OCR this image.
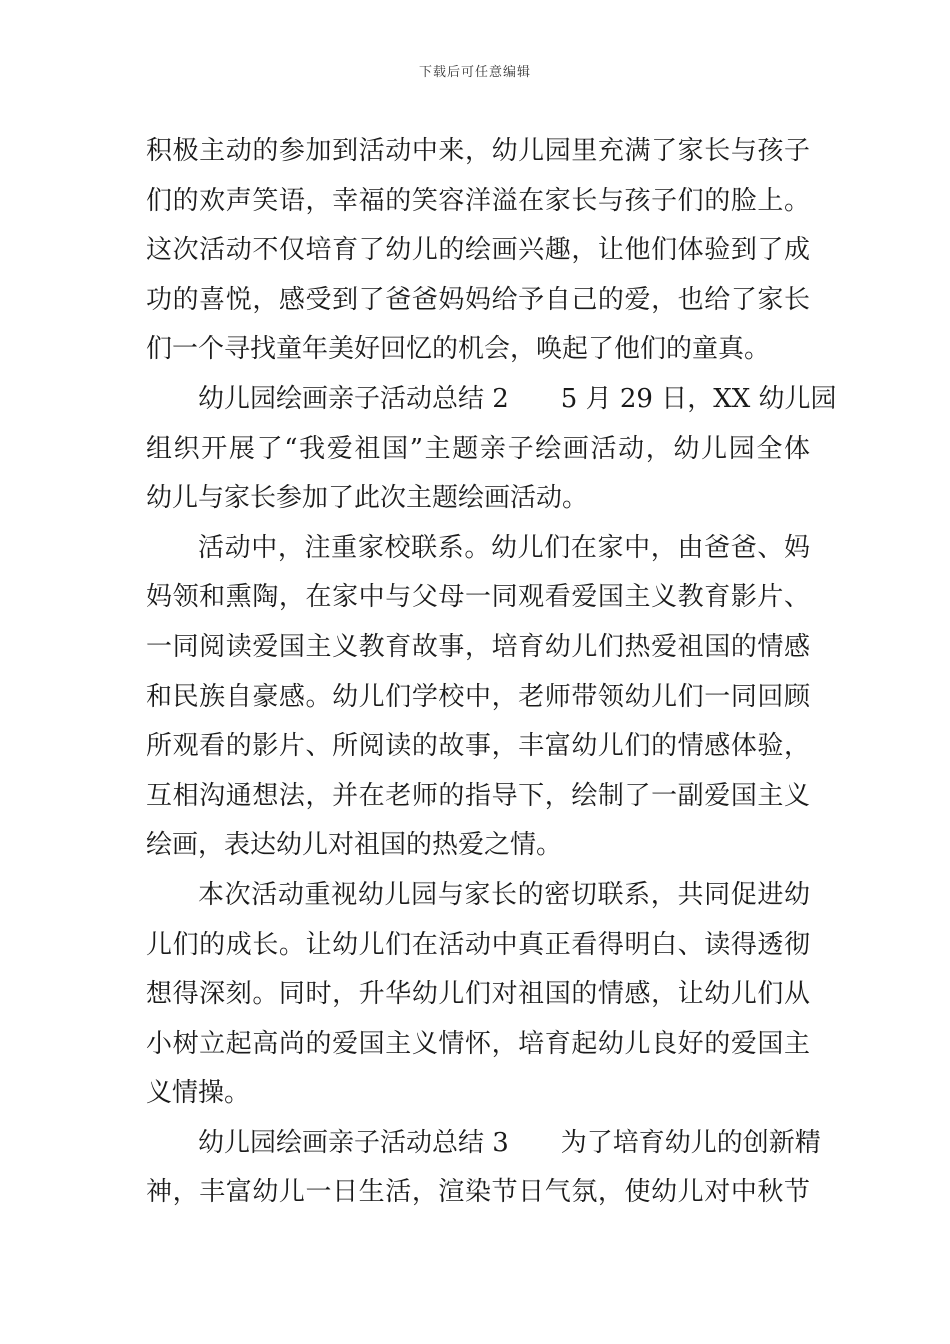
下载后可任意编辑
积极主动的参加到活动中来，幼儿园里充满了家长与孩子
们的欢声笑语，幸福的笑容洋溢在家长与孩子们的脸上。
这次活动不仅培育了幼儿的绘画兴趣，让他们体验到了成
功的喜悦，感受到了爸爸妈妈给予自己的爱，也给了家长
们一个寻找童年美好回忆的机会，唤起了他们的童真。
幼儿园绘画亲子活动总结 2　　5 月 29 日，XX 幼儿园
组织开展了“我爱祖国”主题亲子绘画活动，幼儿园全体
幼儿与家长参加了此次主题绘画活动。
活动中，注重家校联系。幼儿们在家中，由爸爸、妈
妈领和熏陶，在家中与父母一同观看爱国主义教育影片、
一同阅读爱国主义教育故事，培育幼儿们热爱祖国的情感
和民族自豪感。幼儿们学校中，老师带领幼儿们一同回顾
所观看的影片、所阅读的故事，丰富幼儿们的情感体验，
互相沟通想法，并在老师的指导下，绘制了一副爱国主义
绘画，表达幼儿对祖国的热爱之情。
本次活动重视幼儿园与家长的密切联系，共同促进幼
儿们的成长。让幼儿们在活动中真正看得明白、读得透彻
想得深刻。同时，升华幼儿们对祖国的情感，让幼儿们从
小树立起高尚的爱国主义情怀，培育起幼儿良好的爱国主
义情操。
幼儿园绘画亲子活动总结 3　　为了培育幼儿的创新精
神，丰富幼儿一日生活，渲染节日气氛，使幼儿对中秋节
